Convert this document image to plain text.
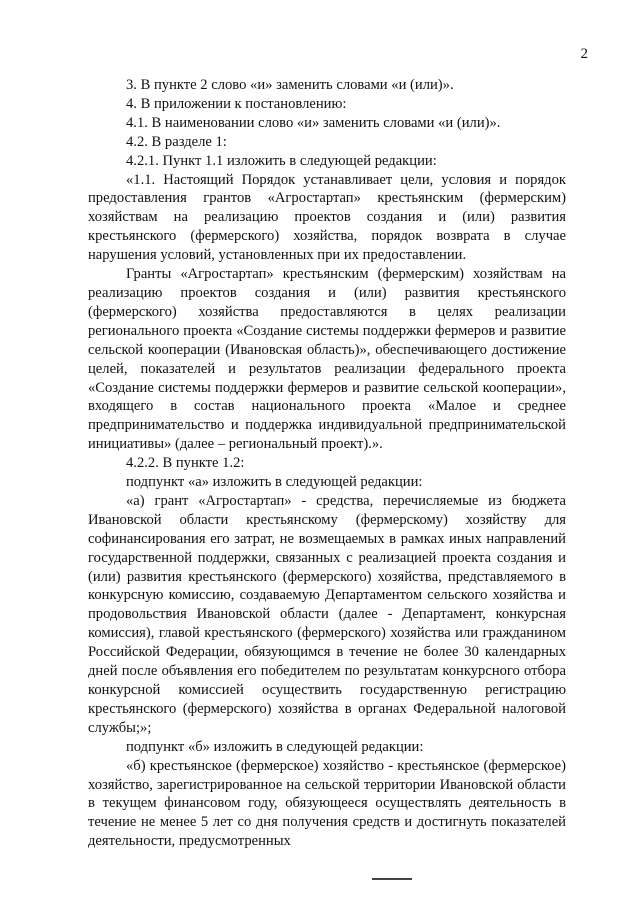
2

3. В пункте 2 слово «и» заменить словами «и (или)».

4. В приложении к постановлению:

4.1. В наименовании слово «и» заменить словами «и (или)».

4.2. В разделе 1:

4.2.1. Пункт 1.1 изложить в следующей редакции:

«1.1. Настоящий Порядок устанавливает цели, условия и порядок предоставления грантов «Агростартап» крестьянским (фермерским) хозяйствам на реализацию проектов создания и (или) развития крестьянского (фермерского) хозяйства, порядок возврата в случае нарушения условий, установленных при их предоставлении.

Гранты «Агростартап» крестьянским (фермерским) хозяйствам на реализацию проектов создания и (или) развития крестьянского (фермерского) хозяйства предоставляются в целях реализации регионального проекта «Создание системы поддержки фермеров и развитие сельской кооперации (Ивановская область)», обеспечивающего достижение целей, показателей и результатов реализации федерального проекта «Создание системы поддержки фермеров и развитие сельской кооперации», входящего в состав национального проекта «Малое и среднее предпринимательство и поддержка индивидуальной предпринимательской инициативы» (далее – региональный проект).».

4.2.2. В пункте 1.2:

подпункт «а» изложить в следующей редакции:

«а) грант «Агростартап» - средства, перечисляемые из бюджета Ивановской области крестьянскому (фермерскому) хозяйству для софинансирования его затрат, не возмещаемых в рамках иных направлений государственной поддержки, связанных с реализацией проекта создания и (или) развития крестьянского (фермерского) хозяйства, представляемого в конкурсную комиссию, создаваемую Департаментом сельского хозяйства и продовольствия Ивановской области (далее - Департамент, конкурсная комиссия), главой крестьянского (фермерского) хозяйства или гражданином Российской Федерации, обязующимся в течение не более 30 календарных дней после объявления его победителем по результатам конкурсного отбора конкурсной комиссией осуществить государственную регистрацию крестьянского (фермерского) хозяйства в органах Федеральной налоговой службы;»;

подпункт «б» изложить в следующей редакции:

«б) крестьянское (фермерское) хозяйство - крестьянское (фермерское) хозяйство, зарегистрированное на сельской территории Ивановской области в текущем финансовом году, обязующееся осуществлять деятельность в течение не менее 5 лет со дня получения средств и достигнуть показателей деятельности, предусмотренных
